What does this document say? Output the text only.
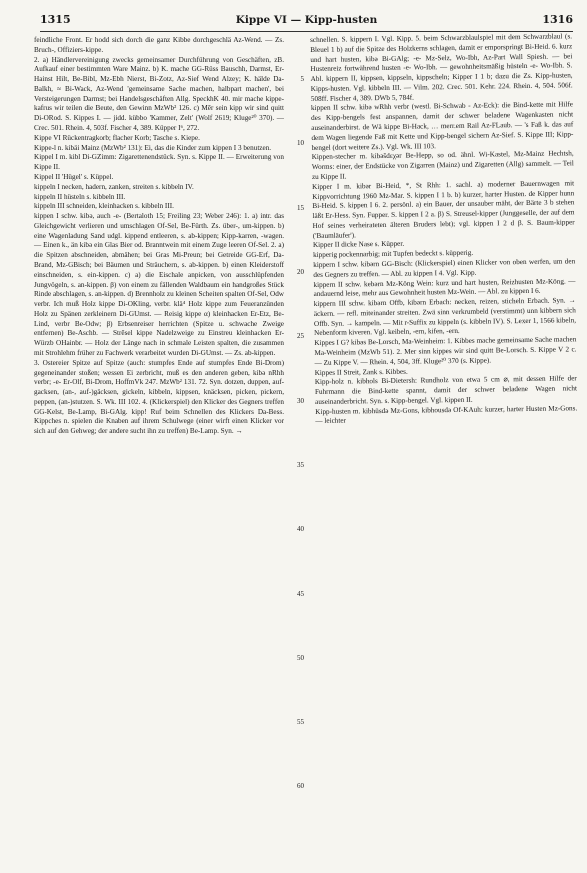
1315	Kippe VI — Kipp-husten	1316

feindliche Front. Er hodd sich dorch die ganz Kibbe dorchgeschlä Az-Wend. — Zs. Bruch-, Offiziers-kippe.

2. a) Händlervereinigung zwecks gemeinsamer Durchführung von Geschäften, zB. Aufkauf einer bestimmten Ware Mainz. b) K. mache GG-Rüss Bauschh, Darmst, Er-Hainst Hilt, Be-Bibl, Mz-Ebh Nierst, Bi-Zotz, Az-Sief Wend Alzey; K. hälde Da-Balkh, ≈ Bi-Wack, Az-Wend 'gemeinsame Sache machen, halbpart machen', bei Versteigerungen Darmst; bei Handelsgeschäften Allg. SpeckhK 40. mir mache kippe-kafrus wir teilen die Beute, den Gewinn MzWb² 126. c) Mēr sein kipp wir sind quitt Di-ORod. S. Kippes I. — jidd. kübbo 'Kammer, Zelt' (Wolf 2619; Kluge²⁰ 370). — Crec. 501. Rhein. 4, 503f. Fischer 4, 389. Küpper I⁶, 272.

Kippe VI Rückentragkorb; flacher Korb; Tasche s. Kiepe.

Kippe-l n. kibäi Mainz (MzWb² 131): Ei, das die Kinder zum kippen I 3 benutzen.

Kippel I m. kibl Di-GZimm: Zigarettenendstück. Syn. s. Kippe II. — Erweiterung von Kippe II.

Kippel II 'Hügel' s. Küppel.

kippeln I necken, hadern, zanken, streiten s. kibbeln IV.

kippeln II hüsteln s. kibbeln III.

kippeln III schneiden, kleinhacken s. kibbeln III.

kippen I schw. kibə, auch -e- (Bertaloth 15; Freiling 23; Weber 246): 1. a) intr. das Gleichgewicht verlieren und umschlagen Of-Sel, Be-Fürth. Zs. über-, um-kippen. b) eine Wagenladung Sand udgl. kippend entleeren, s. ab-kippen; Kipp-karren, -wagen. — Einen k., än kibə ein Glas Bier od. Branntwein mit einem Zuge leeren Of-Sel. 2. a) die Spitzen abschneiden, abmähen; bei Gras Mi-Preun; bei Getreide GG-Erf, Da-Brand, Mz-GBisch; bei Bäumen und Sträuchern, s. ab-kippen. b) einen Kleiderstoff einschneiden, s. ein-kippen. c) a) die Eischale anpicken, von ausschlüpfenden Jungvögeln, s. an-kippen. β) von einem zu fällenden Waldbaum ein handgroßes Stück Rinde abschlagen, s. an-kippen. d) Brennholz zu kleinen Scheiten spalten Of-Sel, Odw verbr. Ich muß Holz kippe Di-OKling, verbr. klä⁴ Holz kippe zum Feueranzünden Holz zu Spänen zerkleinern Di-GUmst. — Reisig kippe α) kleinhacken Er-Etz, Be-Lind, verbr Be-Odw; β) Erbsenreiser herrichten (Spitze u. schwache Zweige entfernen) Be-Aschb. — Strēsel kippe Nadelzweige zu Einstreu kleinhacken Er-Würzb OHainbr. — Holz der Länge nach in schmale Leisten spalten, die zusammen mit Strohlehm früher zu Fachwerk verarbeitet wurden Di-GUmst. — Zs. ab-kippen.

3. Ostereier Spitze auf Spitze (auch: stumpfes Ende auf stumpfes Ende Bi-Drom) gegeneinander stoßen; wessen Ei zerbricht, muß es den anderen geben, kibə nRhh verbr; -e- Er-Olf, Bi-Drom, HoffmVk 247. MzWb² 131. 72. Syn. dotzen, duppen, auf-gacksen, (an-, auf-)gäcksen, gickeln, kibbeln, kippsen, knäcksen, picken, pickern, peppen, (an-)stutzen. S. Wk. III 102. 4. (Klickerspiel) den Klicker des Gegners treffen GG-Kelst, Be-Lamp, Bi-GAlg. kipp! Ruf beim Schnellen des Klickers Da-Bess. Kippches n. spielen die Knaben auf ihrem Schulwege (einer wirft einen Klicker vor sich auf den Gehweg; der andere sucht ihn zu treffen) Be-Lamp. Syn. →

5
10
15
20
25
30
35
40
45
50
55
60

schnellen. S. kippern I. Vgl. Kipp. 5. beim Schwarzblaulspiel mit dem Schwarzblaul (s. Bleuel 1 b) auf die Spitze des Holzkerns schlagen, damit er emporspringt Bi-Heid. 6. kurz und hart husten, kibə Bi-GAlg; -e- Mz-Selz, Wo-Ibh, Az-Part Wall Spiesh. — bei Hustenreiz fortwährend husten -e- Wo-Ibh. — gewohnheitsmäßig hüsteln -e- Wo-Ibh. S. Abl. kippern II, kippsen, kippseln, kippscheln; Kipper I 1 b; dazu die Zs. Kipp-husten, Kipps-husten. Vgl. kibbeln III. — Vilm. 202. Crec. 501. Kehr. 224. Rhein. 4, 504. 506f. 508ff. Fischer 4, 389. DWb 5, 784f.

kippen II schw. kibə wRhh verbr (westl. Bi-Schwab - Az-Eck): die Bind-kette mit Hilfe des Kipp-bengels fest anspannen, damit der schwer beladene Wagenkasten nicht auseinanderbirst. de Wä kippe Bi-Hack, … merr.em Rail Az-FLaub. — 's Faß k. das auf dem Wagen liegende Faß mit Kette und Kipp-bengel sichern Az-Sief. S. Kippe III; Kipp-bengel (dort weitere Zs.). Vgl. Wk. III 103.

Kippen-stecher m. kibəšdɛχər Be-Hepp, so od. ähnl. Wi-Kastel, Mz-Mainz Hechtsh, Worms: einer, der Endstücke von Zigarren (Mainz) und Zigaretten (Allg) sammelt. — Teil zu Kippe II.

Kipper I m. kibər Bi-Heid, *, St Rhh: 1. sachl. a) moderner Bauernwagen mit Kippvorrichtung 1960 Mz-Mar. S. kippen I 1 b. b) kurzer, harter Husten. de Kipper hunn Bi-Heid. S. kippen I 6. 2. persönl. a) ein Bauer, der unsauber mäht, der Bärte 3 b stehen läßt Er-Hess. Syn. Fupper. S. kippen I 2 a. β) S. Streusel-kipper (Junggeselle, der auf dem Hof seines verheirateten älteren Bruders lebt); vgl. kippen I 2 d β. S. Baum-kipper ('Baumläufer').

Kipper II dicke Nase s. Küpper.

kipperig pockennarbig; mit Tupfen bedeckt s. küpperig.

kippern I schw. kibərn GG-Bisch: (Klickerspiel) einen Klicker von oben werfen, um den des Gegners zu treffen. — Abl. zu kippen I 4. Vgl. Kipp.

kippern II schw. kebərn Mz-Köng Wein: kurz und hart husten, Reizhusten Mz-Köng. — andauernd leise, mehr aus Gewohnheit husten Mz-Wein. — Abl. zu kippen I 6.

kippern III schw. kibərn Offb, kibərn Erbach: necken, reizen, sticheln Erbach. Syn. → äckern. — refl. miteinander streiten. Zwä sinn verkrumbeld (verstimmt) unn kibbern sich Offb. Syn. → kampeln. — Mit r-Suffix zu kippeln (s. kibbeln IV). S. Lexer 1, 1566 kibeln, Nebenform kiveren. Vgl. keibeln, -ern, kifen, -ern.

Kippes I G? kibəs Be-Lorsch, Ma-Weinheim: 1. Kibbes mache gemeinsame Sache machen Ma-Weinheim (MzWb 51). 2. Mer sinn kippes wir sind quitt Be-Lorsch. S. Kippe V 2 c. — Zu Kippe V. — Rhein. 4, 504, 3ff. Kluge²⁰ 370 (s. Kippe).

Kippes II Streit, Zank s. Kibbes.

Kipp-holz n. kibhols Bi-Dietersh: Rundholz von etwa 5 cm ⌀, mit dessen Hilfe der Fuhrmann die Bind-kette spannt, damit der schwer beladene Wagen nicht auseinanderbricht. Syn. s. Kipp-bengel. Vgl. kippen II.

Kipp-husten m. kibhūsdə Mz-Gons, kibhousdə Of-KAuh: kurzer, harter Husten Mz-Gons. — leichter
